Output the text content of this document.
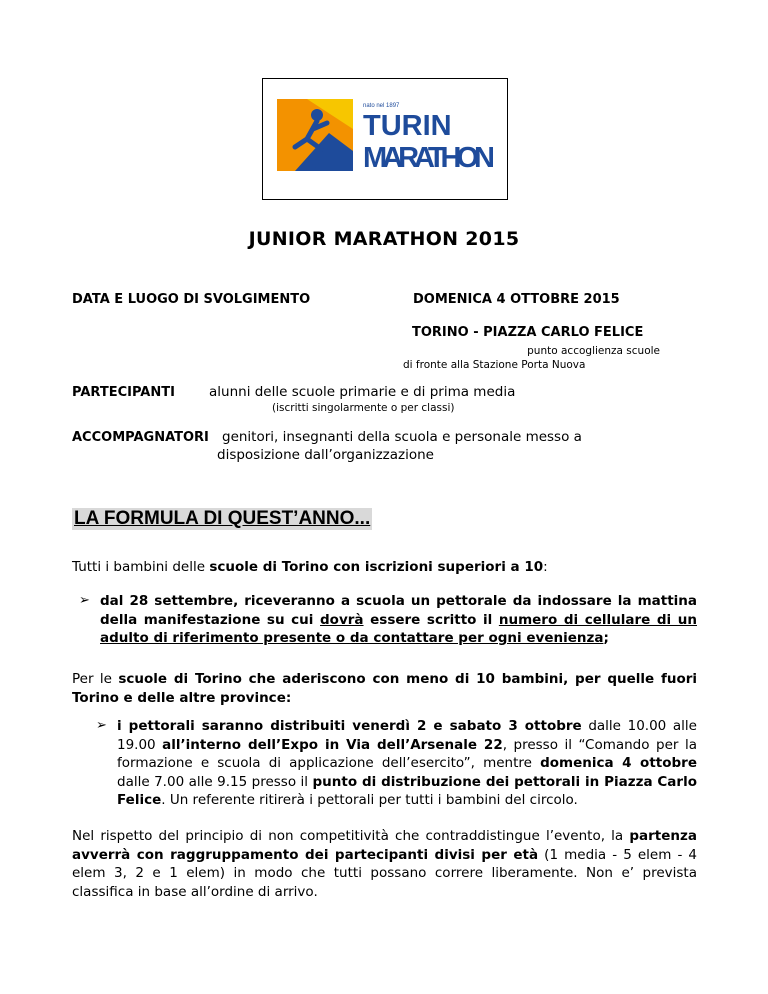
nato nel 1897
TURIN
MARATHON
JUNIOR MARATHON 2015
DATA E LUOGO DI SVOLGIMENTO	DOMENICA 4 OTTOBRE 2015
TORINO - PIAZZA CARLO FELICE
punto accoglienza scuole
di fronte alla Stazione Porta Nuova
PARTECIPANTI	alunni delle scuole primarie e di prima media
(iscritti singolarmente o per classi)
ACCOMPAGNATORI genitori, insegnanti della scuola e personale messo a
disposizione dall’organizzazione
LA FORMULA DI QUEST’ANNO...
Tutti i bambini delle scuole di Torino con iscrizioni superiori a 10:
➢ dal 28 settembre, riceveranno a scuola un pettorale da indossare la mattina della manifestazione su cui dovrà essere scritto il numero di cellulare di un adulto di riferimento presente o da contattare per ogni evenienza;
Per le scuole di Torino che aderiscono con meno di 10 bambini, per quelle fuori Torino e delle altre province:
➢ i pettorali saranno distribuiti venerdì 2 e sabato 3 ottobre dalle 10.00 alle 19.00 all’interno dell’Expo in Via dell’Arsenale 22, presso il “Comando per la formazione e scuola di applicazione dell’esercito”, mentre domenica 4 ottobre dalle 7.00 alle 9.15 presso il punto di distribuzione dei pettorali in Piazza Carlo Felice. Un referente ritirerà i pettorali per tutti i bambini del circolo.
Nel rispetto del principio di non competitività che contraddistingue l’evento, la partenza avverrà con raggruppamento dei partecipanti divisi per età (1 media - 5 elem - 4 elem 3, 2 e 1 elem) in modo che tutti possano correre liberamente. Non e’ prevista classifica in base all’ordine di arrivo.
